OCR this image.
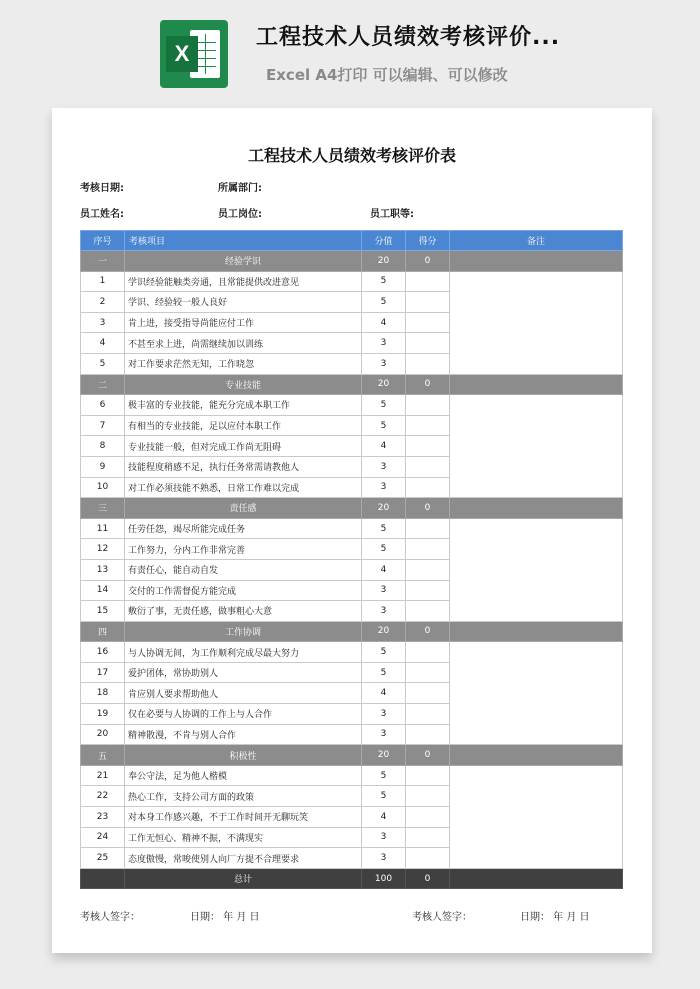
X
工程技术人员绩效考核评价...
Excel A4打印 可以编辑、可以修改
工程技术人员绩效考核评价表
考核日期:	所属部门:
员工姓名:	员工岗位:	员工职等:
序号	考核项目	分值	得分	备注
一	经验学识	20	0	
1	学识经验能触类旁通，且常能提供改进意见	5		
2	学识、经验较一般人良好	5		
3	肯上进，接受指导尚能应付工作	4		
4	不甚至求上进，尚需继续加以训练	3		
5	对工作要求茫然无知，工作晓忽	3		
二	专业技能	20	0	
6	极丰富的专业技能，能充分完成本职工作	5		
7	有相当的专业技能，足以应付本职工作	5		
8	专业技能一般，但对完成工作尚无阻碍	4		
9	技能程度稍感不足，执行任务常需请教他人	3		
10	对工作必须技能不熟悉，日常工作难以完成	3		
三	责任感	20	0	
11	任劳任怨，竭尽所能完成任务	5		
12	工作努力，分内工作非常完善	5		
13	有责任心，能自动自发	4		
14	交付的工作需督促方能完成	3		
15	敷衍了事，无责任感，做事粗心大意	3		
四	工作协调	20	0	
16	与人协调无间，为工作顺利完成尽最大努力	5		
17	爱护团体，常协助别人	5		
18	肯应别人要求帮助他人	4		
19	仅在必要与人协调的工作上与人合作	3		
20	精神散漫，不肯与别人合作	3		
五	积极性	20	0	
21	奉公守法，足为他人楷模	5		
22	热心工作，支持公司方面的政策	5		
23	对本身工作感兴趣，不于工作时间开无聊玩笑	4		
24	工作无恒心、精神不振，不满现实	3		
25	态度傲慢，常唆使别人向厂方提不合理要求	3		
	总计	100	0	
考核人签字：	日期： 年 月 日	考核人签字：	日期： 年 月 日
